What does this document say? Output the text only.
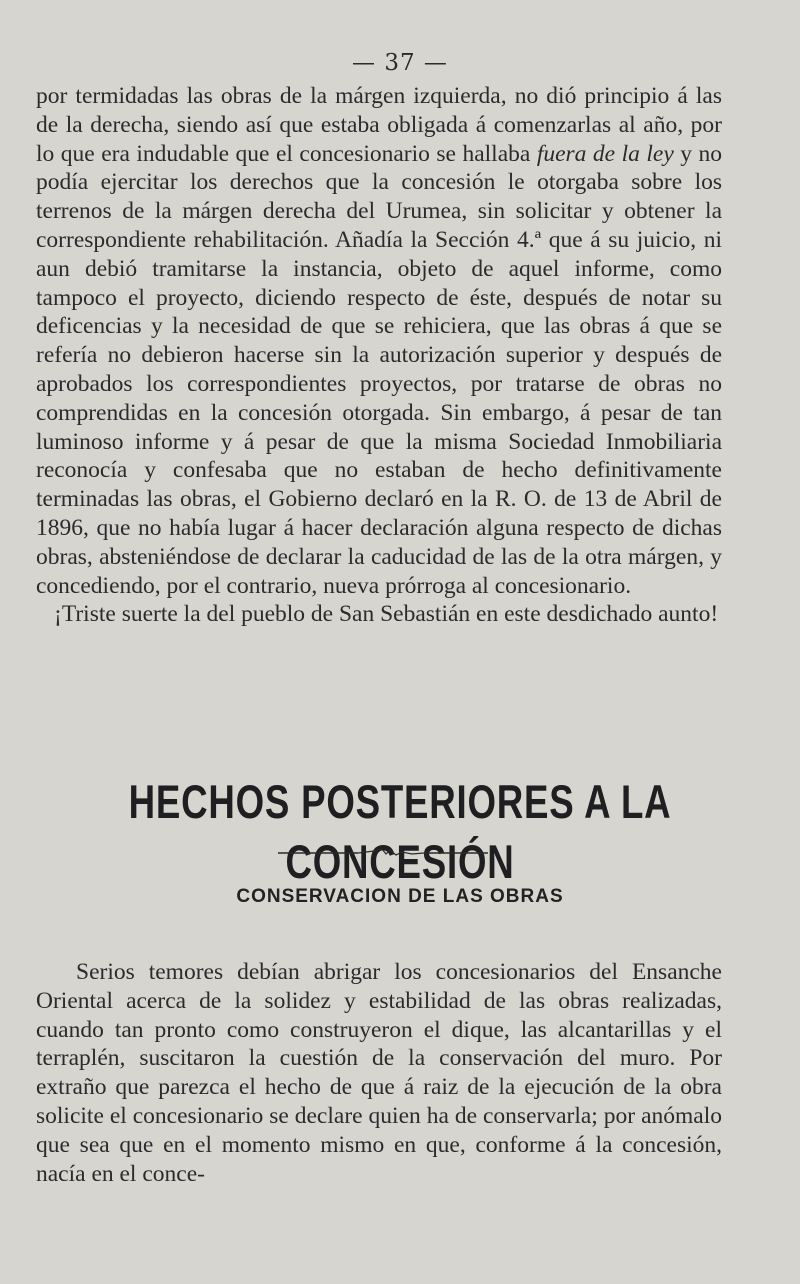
— 37 —

por termidadas las obras de la márgen izquierda, no dió principio á las de la derecha, siendo así que estaba obligada á comenzarlas al año, por lo que era indudable que el concesionario se hallaba fuera de la ley y no podía ejercitar los derechos que la concesión le otorgaba sobre los terrenos de la márgen derecha del Urumea, sin solicitar y obtener la correspondiente rehabilitación. Añadía la Sección 4.ª que á su juicio, ni aun debió tramitarse la instancia, objeto de aquel informe, como tampoco el proyecto, diciendo respecto de éste, después de notar su deficencias y la necesidad de que se rehiciera, que las obras á que se refería no debieron hacerse sin la autorización superior y después de aprobados los correspondientes proyectos, por tratarse de obras no comprendidas en la concesión otorgada. Sin embargo, á pesar de tan luminoso informe y á pesar de que la misma Sociedad Inmobiliaria reconocía y confesaba que no estaban de hecho definitivamente terminadas las obras, el Gobierno declaró en la R. O. de 13 de Abril de 1896, que no había lugar á hacer declaración alguna respecto de dichas obras, absteniéndose de declarar la caducidad de las de la otra márgen, y concediendo, por el contrario, nueva prórroga al concesionario.

¡Triste suerte la del pueblo de San Sebastián en este desdichado aunto!

HECHOS POSTERIORES A LA CONCESIÓN
CONSERVACION DE LAS OBRAS

Serios temores debían abrigar los concesionarios del Ensanche Oriental acerca de la solidez y estabilidad de las obras realizadas, cuando tan pronto como construyeron el dique, las alcantarillas y el terraplén, suscitaron la cuestión de la conservación del muro. Por extraño que parezca el hecho de que á raiz de la ejecución de la obra solicite el concesionario se declare quien ha de conservarla; por anómalo que sea que en el momento mismo en que, conforme á la concesión, nacía en el conce-
